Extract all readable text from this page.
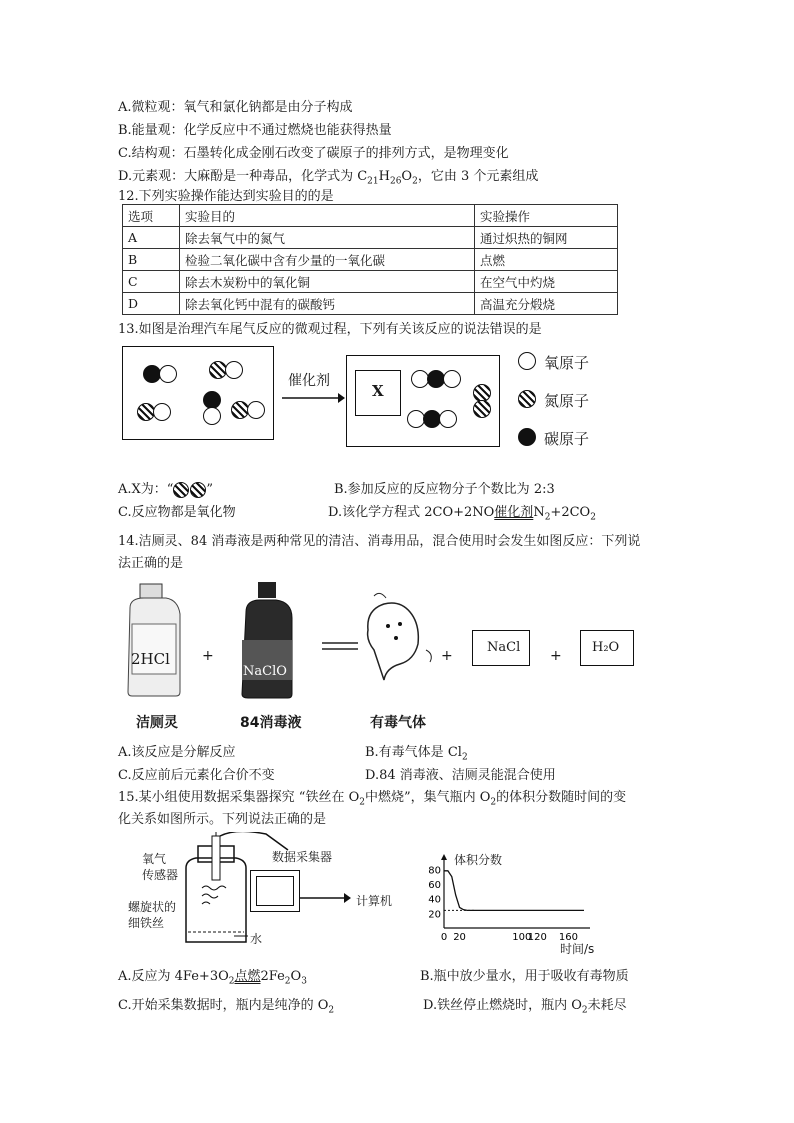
A.微粒观：氧气和氯化钠都是由分子构成
B.能量观：化学反应中不通过燃烧也能获得热量
C.结构观：石墨转化成金刚石改变了碳原子的排列方式，是物理变化
D.元素观：大麻酚是一种毒品，化学式为 $C_{21}H_{26}O_2$，它由 3 个元素组成
12.下列实验操作能达到实验目的的是
选项	实验目的	实验操作
A	除去氧气中的氮气	通过炽热的铜网
B	检验二氧化碳中含有少量的一氧化碳	点燃
C	除去木炭粉中的氧化铜	在空气中灼烧
D	除去氧化钙中混有的碳酸钙	高温充分煅烧
13.如图是治理汽车尾气反应的微观过程，下列有关该反应的说法错误的是
催化剂
X
氧原子
氮原子
碳原子
A.X为：“	”	B.参加反应的反应物分子个数比为 2:3
C.反应物都是氧化物	D.该化学方程式 2CO+2NO催化剂$N_2+2CO_2$
14.洁厕灵、84 消毒液是两种常见的清洁、消毒用品，混合使用时会发生如图反应：下列说
法正确的是
2HCl +
NaClO
+
NaCl
+
H₂O
洁厕灵	84消毒液	有毒气体
A.该反应是分解反应	B.有毒气体是 $Cl_2$
C.反应前后元素化合价不变	D.84 消毒液、洁厕灵能混合使用
15.某小组使用数据采集器探究 “铁丝在 $O_2$中燃烧”，集气瓶内 $O_2$的体积分数随时间的变
化关系如图所示。下列说法正确的是
氧气
传感器
数据采集器
螺旋状的
细铁丝
水
计算机
80
60
40
20
0 20	100
120 160
体积分数
时间/s
A.反应为 $4Fe+3O_2$点燃$2Fe_2O_3$	B.瓶中放少量水，用于吸收有毒物质
C.开始采集数据时，瓶内是纯净的 $O_2$	D.铁丝停止燃烧时，瓶内 $O_2$未耗尽
